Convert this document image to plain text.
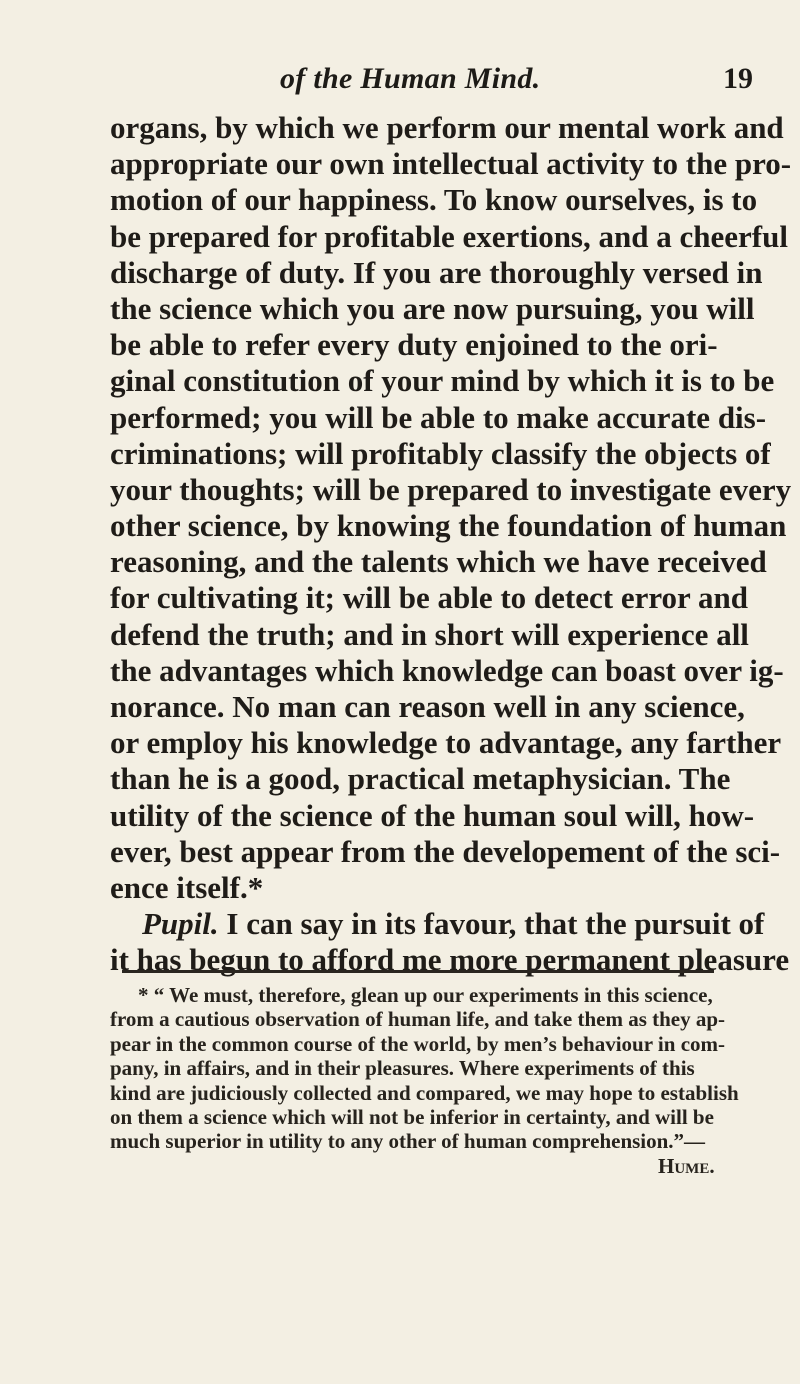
of the Human Mind.	19
organs, by which we perform our mental work and
appropriate our own intellectual activity to the pro-
motion of our happiness. To know ourselves, is to
be prepared for profitable exertions, and a cheerful
discharge of duty. If you are thoroughly versed in
the science which you are now pursuing, you will
be able to refer every duty enjoined to the ori-
ginal constitution of your mind by which it is to be
performed; you will be able to make accurate dis-
criminations; will profitably classify the objects of
your thoughts; will be prepared to investigate every
other science, by knowing the foundation of human
reasoning, and the talents which we have received
for cultivating it; will be able to detect error and
defend the truth; and in short will experience all
the advantages which knowledge can boast over ig-
norance. No man can reason well in any science,
or employ his knowledge to advantage, any farther
than he is a good, practical metaphysician. The
utility of the science of the human soul will, how-
ever, best appear from the developement of the sci-
ence itself.*
Pupil. I can say in its favour, that the pursuit of
it has begun to afford me more permanent pleasure
* “ We must, therefore, glean up our experiments in this science,
from a cautious observation of human life, and take them as they ap-
pear in the common course of the world, by men’s behaviour in com-
pany, in affairs, and in their pleasures. Where experiments of this
kind are judiciously collected and compared, we may hope to establish
on them a science which will not be inferior in certainty, and will be
much superior in utility to any other of human comprehension.”—
Hume.
